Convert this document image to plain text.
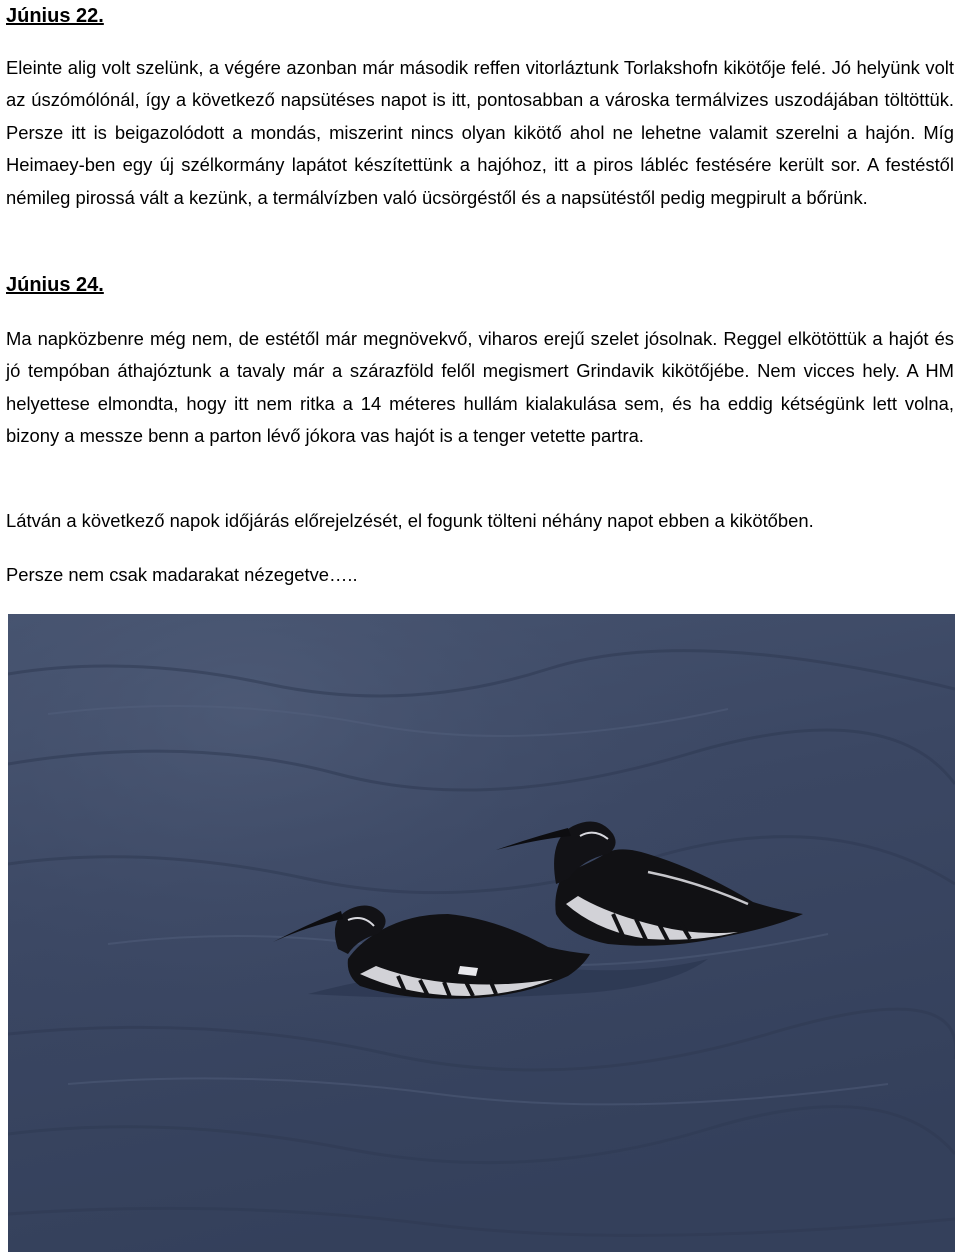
Június 22.

Eleinte alig volt szelünk, a végére azonban már második reffen vitorláztunk Torlakshofn kikötője felé. Jó helyünk volt az úszómólónál, így a következő napsütéses napot is itt, pontosabban a városka termálvizes uszodájában töltöttük. Persze itt is beigazolódott a mondás, miszerint nincs olyan kikötő ahol ne lehetne valamit szerelni a hajón. Míg Heimaey-ben egy új szélkormány lapátot készítettünk a hajóhoz, itt a piros lábléc festésére került sor. A festéstől némileg pirossá vált a kezünk, a termálvízben való ücsörgéstől és a napsütéstől pedig megpirult a bőrünk.

Június 24.

Ma napközbenre még nem, de estétől már megnövekvő, viharos erejű szelet jósolnak. Reggel elkötöttük a hajót és jó tempóban áthajóztunk a tavaly már a szárazföld felől megismert Grindavik kikötőjébe. Nem vicces hely. A HM helyettese elmondta, hogy itt nem ritka a 14 méteres hullám kialakulása sem, és ha eddig kétségünk lett volna, bizony a messze benn a parton lévő jókora vas hajót is a tenger vetette partra.

Látván a következő napok időjárás előrejelzését, el fogunk tölteni néhány napot ebben a kikötőben.

Persze nem csak madarakat nézegetve…..
